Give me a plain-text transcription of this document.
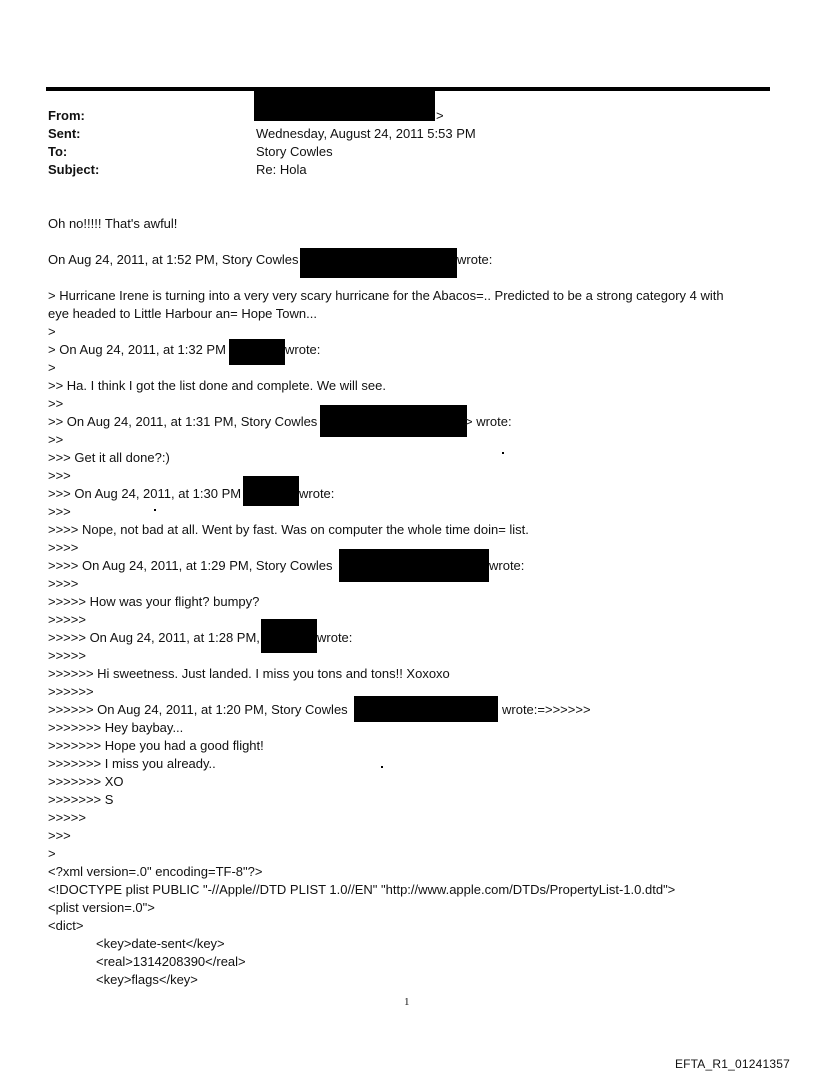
From:	>
Sent:	Wednesday, August 24, 2011 5:53 PM
To:	Story Cowles
Subject:	Re: Hola
Oh no!!!!! That's awful!
On Aug 24, 2011, at 1:52 PM, Story Cowles	wrote:
> Hurricane Irene is turning into a very very scary hurricane for the Abacos=.. Predicted to be a strong category 4 with
eye headed to Little Harbour an= Hope Town...
>
> On Aug 24, 2011, at 1:32 PM	wrote:
>
>> Ha. I think I got the list done and complete. We will see.
>>
>> On Aug 24, 2011, at 1:31 PM, Story Cowles	> wrote:
>>
>>> Get it all done?:)
>>>
>>> On Aug 24, 2011, at 1:30 PM	wrote:
>>>
>>>> Nope, not bad at all. Went by fast. Was on computer the whole time doin= list.
>>>>
>>>> On Aug 24, 2011, at 1:29 PM, Story Cowles	wrote:
>>>>
>>>>> How was your flight? bumpy?
>>>>>
>>>>> On Aug 24, 2011, at 1:28 PM,	wrote:
>>>>>
>>>>>> Hi sweetness. Just landed. I miss you tons and tons!! Xoxoxo
>>>>>>
>>>>>> On Aug 24, 2011, at 1:20 PM, Story Cowles	wrote:=>>>>>>
>>>>>>> Hey baybay...
>>>>>>> Hope you had a good flight!
>>>>>>> I miss you already..
>>>>>>> XO
>>>>>>> S
>>>>>
>>>
>
<?xml version=.0" encoding=TF-8"?>
<!DOCTYPE plist PUBLIC "-//Apple//DTD PLIST 1.0//EN" "http://www.apple.com/DTDs/PropertyList-1.0.dtd">
<plist version=.0">
<dict>
<key>date-sent</key>
<real>1314208390</real>
<key>flags</key>
1
EFTA_R1_01241357
